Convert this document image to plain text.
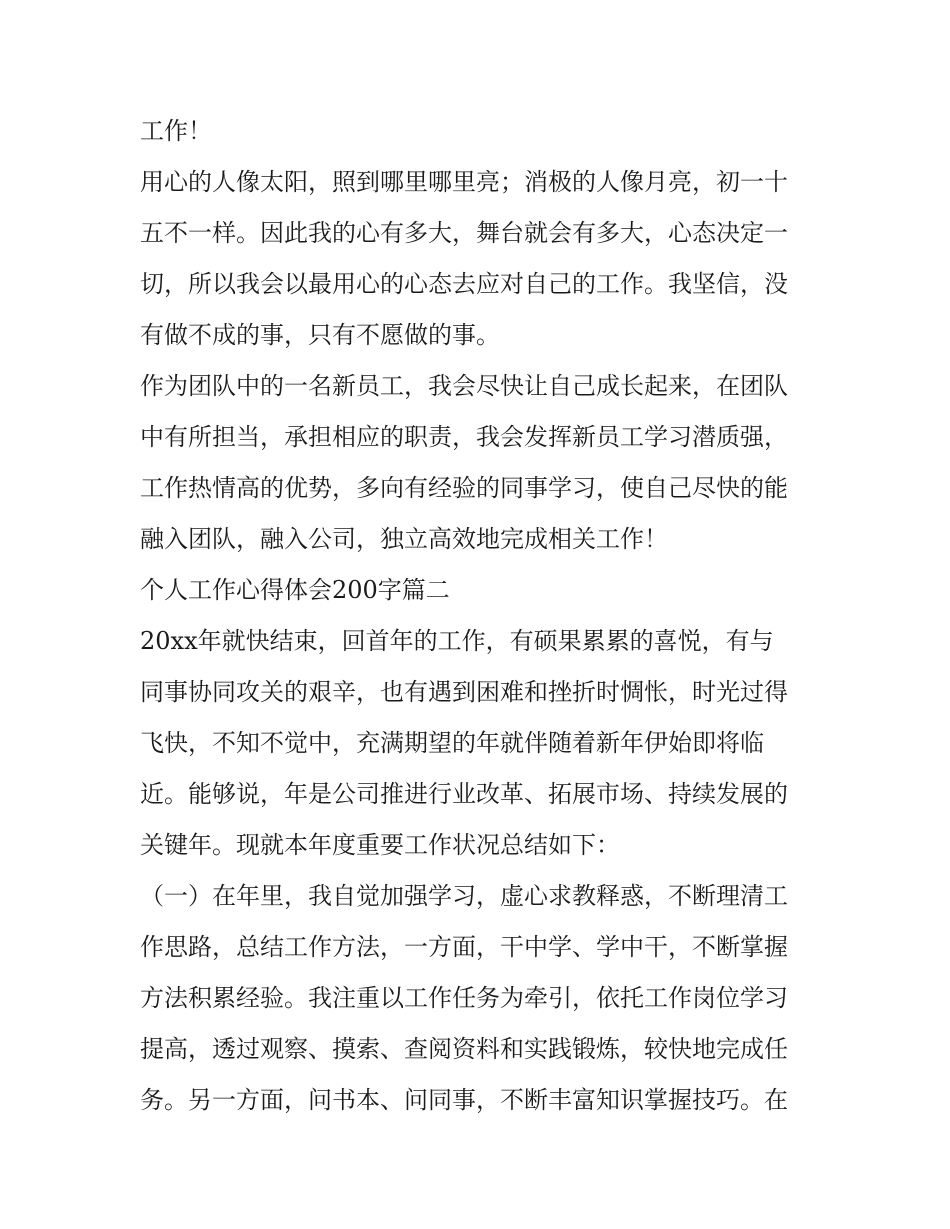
工作！
用心的人像太阳，照到哪里哪里亮；消极的人像月亮，初一十
五不一样。因此我的心有多大，舞台就会有多大，心态决定一
切，所以我会以最用心的心态去应对自己的工作。我坚信，没
有做不成的事，只有不愿做的事。
作为团队中的一名新员工，我会尽快让自己成长起来，在团队
中有所担当，承担相应的职责，我会发挥新员工学习潜质强，
工作热情高的优势，多向有经验的同事学习，使自己尽快的能
融入团队，融入公司，独立高效地完成相关工作！
个人工作心得体会200字篇二
20xx年就快结束，回首年的工作，有硕果累累的喜悦，有与
同事协同攻关的艰辛，也有遇到困难和挫折时惆怅，时光过得
飞快，不知不觉中，充满期望的年就伴随着新年伊始即将临
近。能够说，年是公司推进行业改革、拓展市场、持续发展的
关键年。现就本年度重要工作状况总结如下：
（一）在年里，我自觉加强学习，虚心求教释惑，不断理清工
作思路，总结工作方法，一方面，干中学、学中干，不断掌握
方法积累经验。我注重以工作任务为牵引，依托工作岗位学习
提高，透过观察、摸索、查阅资料和实践锻炼，较快地完成任
务。另一方面，问书本、问同事，不断丰富知识掌握技巧。在
